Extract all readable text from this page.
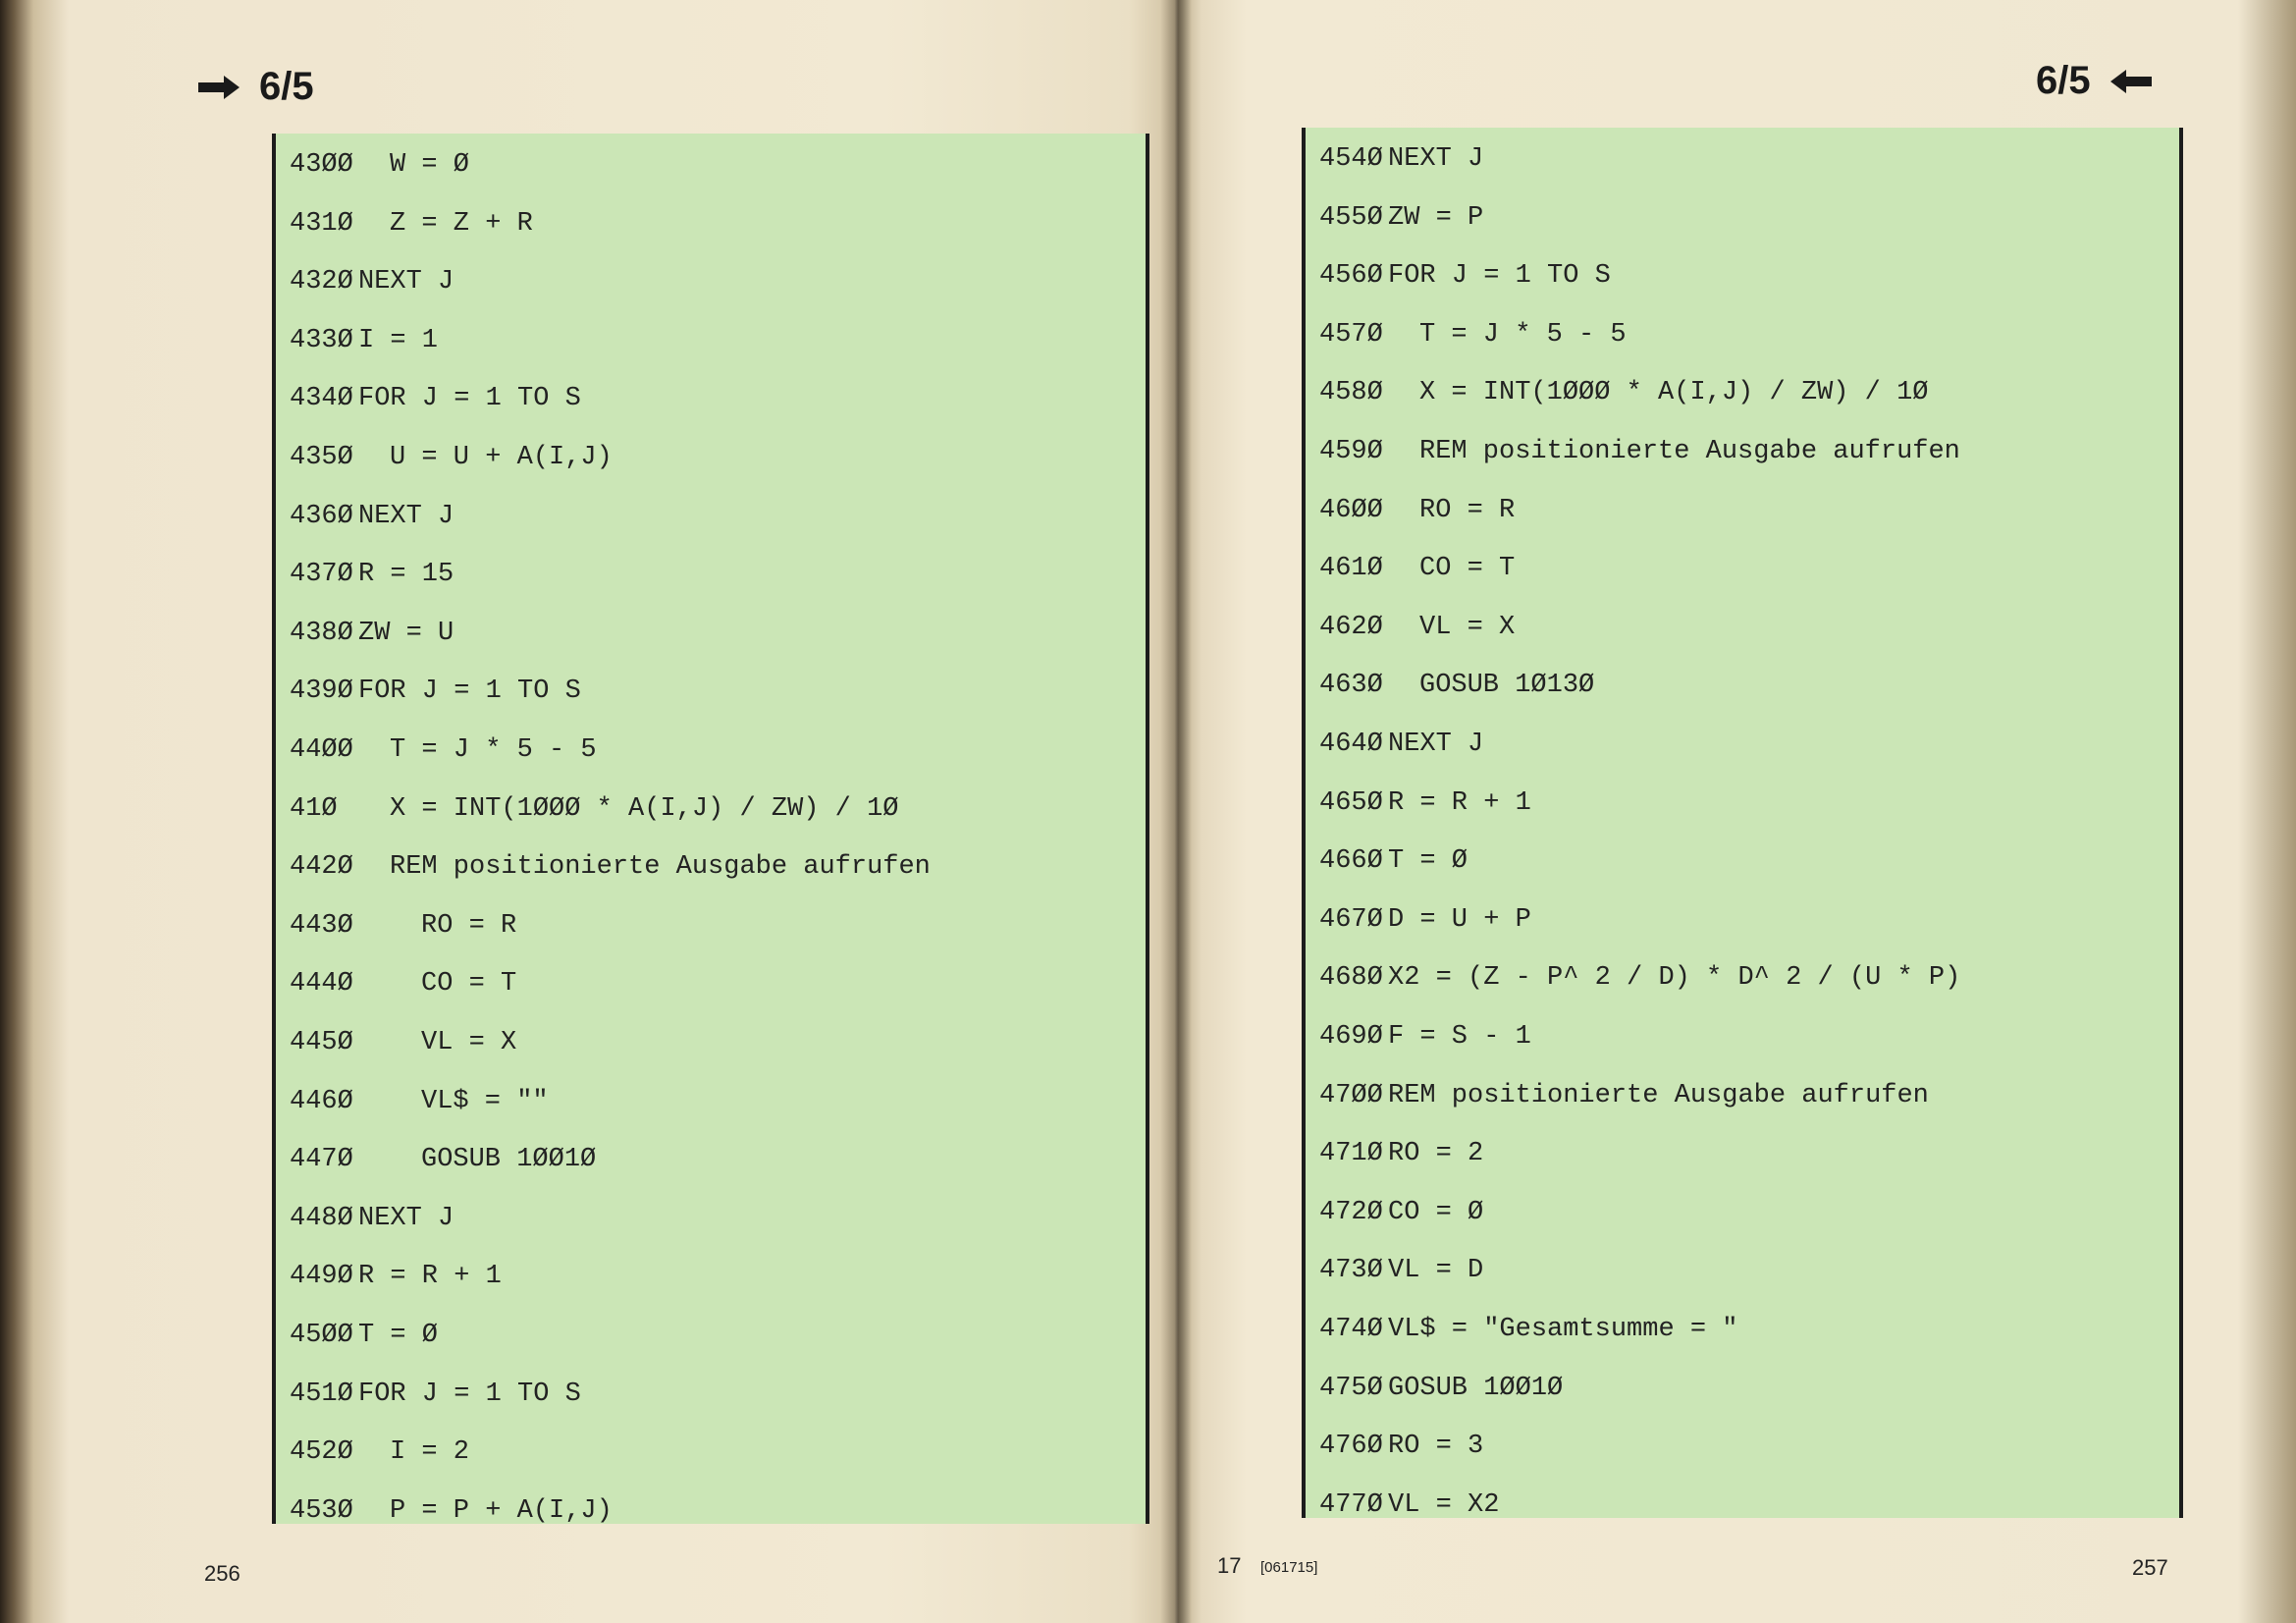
6/5
43ØØ W = Ø
431Ø Z = Z + R
432Ø NEXT J
433Ø I = 1
434Ø FOR J = 1 TO S
435Ø U = U + A(I,J)
436Ø NEXT J
437Ø R = 15
438Ø ZW = U
439Ø FOR J = 1 TO S
44ØØ T = J * 5 - 5
41Ø X = INT(1ØØØ * A(I,J) / ZW) / 1Ø
442Ø REM positionierte Ausgabe aufrufen
443Ø	RO = R
444Ø	CO = T
445Ø	VL = X
446Ø	VL$ = ""
447Ø	GOSUB 1ØØ1Ø
448Ø NEXT J
449Ø R = R + 1
45ØØ T = Ø
451Ø FOR J = 1 TO S
452Ø I = 2
453Ø P = P + A(I,J)
256
6/5
454Ø NEXT J
455Ø ZW = P
456Ø FOR J = 1 TO S
457Ø T = J * 5 - 5
458Ø X = INT(1ØØØ * A(I,J) / ZW) / 1Ø
459Ø REM positionierte Ausgabe aufrufen
46ØØ RO = R
461Ø CO = T
462Ø VL = X
463Ø GOSUB 1Ø13Ø
464Ø NEXT J
465Ø R = R + 1
466Ø T = Ø
467Ø D = U + P
468Ø X2 = (Z - P^ 2 / D) * D^ 2 / (U * P)
469Ø F = S - 1
47ØØ REM positionierte Ausgabe aufrufen
471Ø RO = 2
472Ø CO = Ø
473Ø VL = D
474Ø VL$ = "Gesamtsumme = "
475Ø GOSUB 1ØØ1Ø
476Ø RO = 3
477Ø VL = X2
17 [061715]	257
